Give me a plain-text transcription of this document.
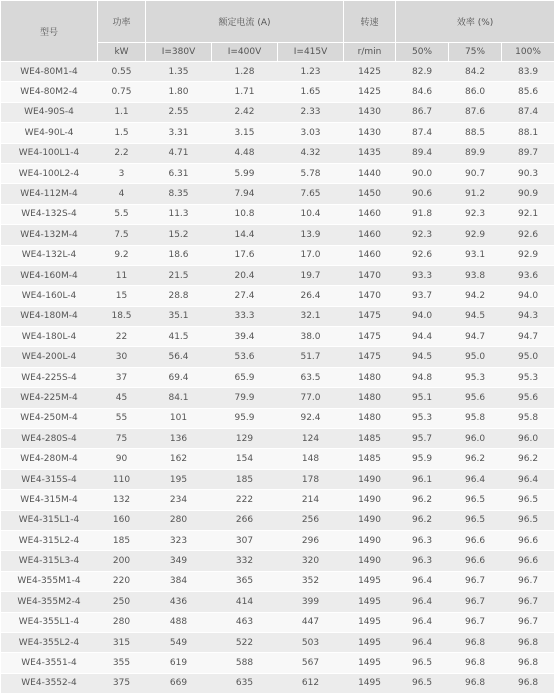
型号	功率	额定电流 (A)			转速	效率 (%)		
	kW	I=380V	I=400V	I=415V	r/min	50%	75%	100%
WE4-80M1-4	0.55	1.35	1.28	1.23	1425	82.9	84.2	83.9
WE4-80M2-4	0.75	1.80	1.71	1.65	1425	84.6	86.0	85.6
WE4-90S-4	1.1	2.55	2.42	2.33	1430	86.7	87.6	87.4
WE4-90L-4	1.5	3.31	3.15	3.03	1430	87.4	88.5	88.1
WE4-100L1-4	2.2	4.71	4.48	4.32	1435	89.4	89.9	89.7
WE4-100L2-4	3	6.31	5.99	5.78	1440	90.0	90.7	90.3
WE4-112M-4	4	8.35	7.94	7.65	1450	90.6	91.2	90.9
WE4-132S-4	5.5	11.3	10.8	10.4	1460	91.8	92.3	92.1
WE4-132M-4	7.5	15.2	14.4	13.9	1460	92.3	92.9	92.6
WE4-132L-4	9.2	18.6	17.6	17.0	1460	92.6	93.1	92.9
WE4-160M-4	11	21.5	20.4	19.7	1470	93.3	93.8	93.6
WE4-160L-4	15	28.8	27.4	26.4	1470	93.7	94.2	94.0
WE4-180M-4	18.5	35.1	33.3	32.1	1475	94.0	94.5	94.3
WE4-180L-4	22	41.5	39.4	38.0	1475	94.4	94.7	94.7
WE4-200L-4	30	56.4	53.6	51.7	1475	94.5	95.0	95.0
WE4-225S-4	37	69.4	65.9	63.5	1480	94.8	95.3	95.3
WE4-225M-4	45	84.1	79.9	77.0	1480	95.1	95.6	95.6
WE4-250M-4	55	101	95.9	92.4	1480	95.3	95.8	95.8
WE4-280S-4	75	136	129	124	1485	95.7	96.0	96.0
WE4-280M-4	90	162	154	148	1485	95.9	96.2	96.2
WE4-315S-4	110	195	185	178	1490	96.1	96.4	96.4
WE4-315M-4	132	234	222	214	1490	96.2	96.5	96.5
WE4-315L1-4	160	280	266	256	1490	96.2	96.5	96.5
WE4-315L2-4	185	323	307	296	1490	96.3	96.6	96.6
WE4-315L3-4	200	349	332	320	1490	96.3	96.6	96.6
WE4-355M1-4	220	384	365	352	1495	96.4	96.7	96.7
WE4-355M2-4	250	436	414	399	1495	96.4	96.7	96.7
WE4-355L1-4	280	488	463	447	1495	96.4	96.7	96.7
WE4-355L2-4	315	549	522	503	1495	96.4	96.8	96.8
WE4-3551-4	355	619	588	567	1495	96.5	96.8	96.8
WE4-3552-4	375	669	635	612	1495	96.5	96.8	96.8
